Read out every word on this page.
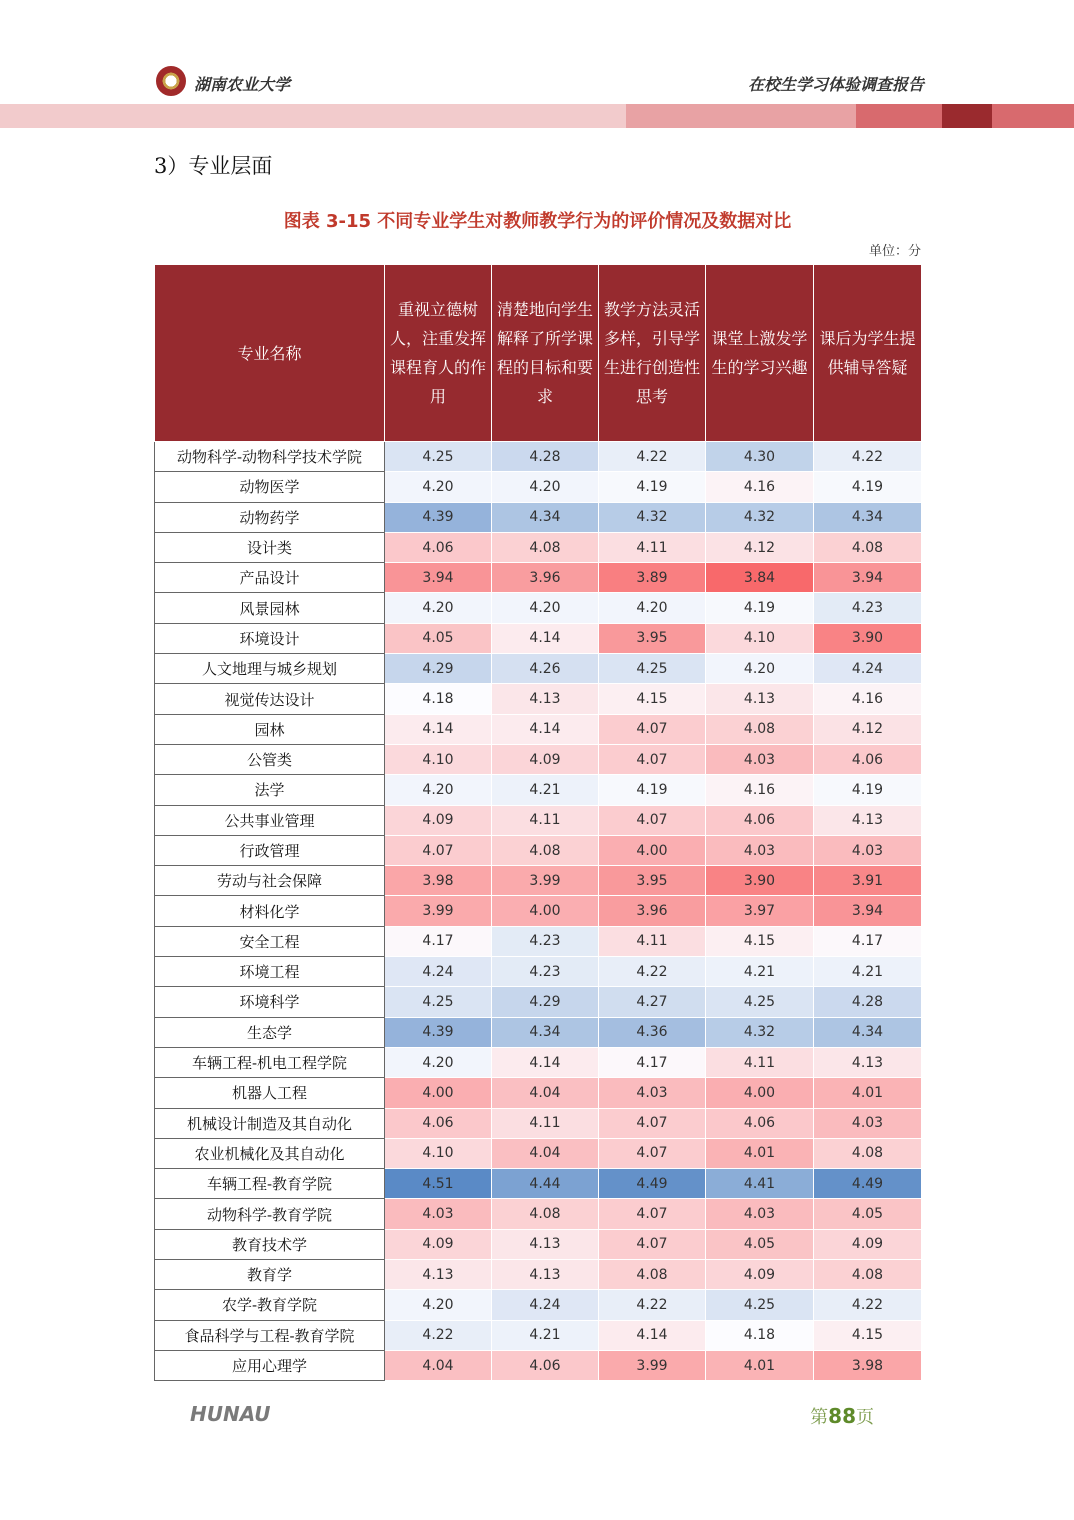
湖南农业大学	在校生学习体验调查报告
3）专业层面
图表 3-15 不同专业学生对教师教学行为的评价情况及数据对比
单位：分
专业名称	重视立德树人，注重发挥课程育人的作用	清楚地向学生解释了所学课程的目标和要求	教学方法灵活多样，引导学生进行创造性思考	课堂上激发学生的学习兴趣	课后为学生提供辅导答疑
动物科学-动物科学技术学院	4.25	4.28	4.22	4.30	4.22
动物医学	4.20	4.20	4.19	4.16	4.19
动物药学	4.39	4.34	4.32	4.32	4.34
设计类	4.06	4.08	4.11	4.12	4.08
产品设计	3.94	3.96	3.89	3.84	3.94
风景园林	4.20	4.20	4.20	4.19	4.23
环境设计	4.05	4.14	3.95	4.10	3.90
人文地理与城乡规划	4.29	4.26	4.25	4.20	4.24
视觉传达设计	4.18	4.13	4.15	4.13	4.16
园林	4.14	4.14	4.07	4.08	4.12
公管类	4.10	4.09	4.07	4.03	4.06
法学	4.20	4.21	4.19	4.16	4.19
公共事业管理	4.09	4.11	4.07	4.06	4.13
行政管理	4.07	4.08	4.00	4.03	4.03
劳动与社会保障	3.98	3.99	3.95	3.90	3.91
材料化学	3.99	4.00	3.96	3.97	3.94
安全工程	4.17	4.23	4.11	4.15	4.17
环境工程	4.24	4.23	4.22	4.21	4.21
环境科学	4.25	4.29	4.27	4.25	4.28
生态学	4.39	4.34	4.36	4.32	4.34
车辆工程-机电工程学院	4.20	4.14	4.17	4.11	4.13
机器人工程	4.00	4.04	4.03	4.00	4.01
机械设计制造及其自动化	4.06	4.11	4.07	4.06	4.03
农业机械化及其自动化	4.10	4.04	4.07	4.01	4.08
车辆工程-教育学院	4.51	4.44	4.49	4.41	4.49
动物科学-教育学院	4.03	4.08	4.07	4.03	4.05
教育技术学	4.09	4.13	4.07	4.05	4.09
教育学	4.13	4.13	4.08	4.09	4.08
农学-教育学院	4.20	4.24	4.22	4.25	4.22
食品科学与工程-教育学院	4.22	4.21	4.14	4.18	4.15
应用心理学	4.04	4.06	3.99	4.01	3.98
HUNAU	第88页
